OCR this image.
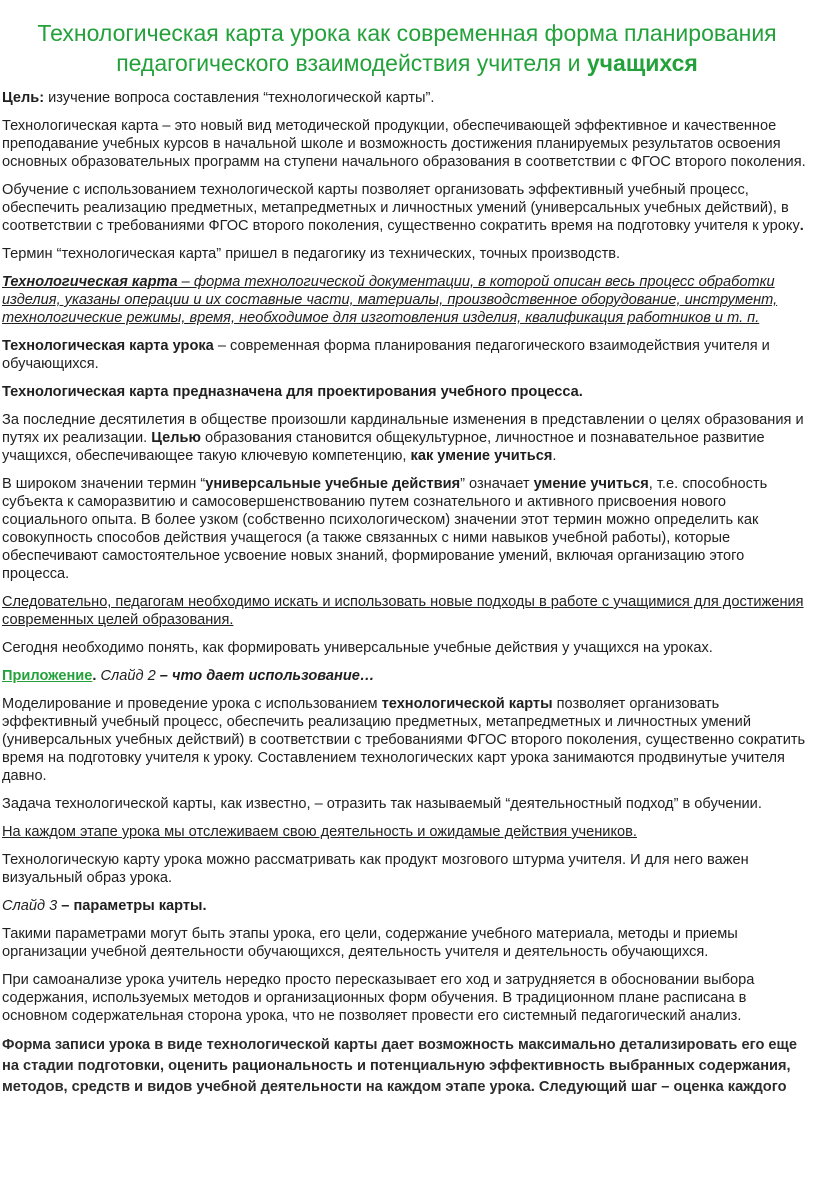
Технологическая карта урока как современная форма планирования педагогического взаимодействия учителя и учащихся

Цель: изучение вопроса составления “технологической карты”.

Технологическая карта – это новый вид методической продукции, обеспечивающей эффективное и качественное преподавание учебных курсов в начальной школе и возможность достижения планируемых результатов освоения основных образовательных программ на ступени начального образования в соответствии с ФГОС второго поколения.

Обучение с использованием технологической карты позволяет организовать эффективный учебный процесс, обеспечить реализацию предметных, метапредметных и личностных умений (универсальных учебных действий), в соответствии с требованиями ФГОС второго поколения, существенно сократить время на подготовку учителя к уроку.

Термин “технологическая карта” пришел в педагогику из технических, точных производств.

Технологическая карта – форма технологической документации, в которой описан весь процесс обработки изделия, указаны операции и их составные части, материалы, производственное оборудование, инструмент, технологические режимы, время, необходимое для изготовления изделия, квалификация работников и т. п.

Технологическая карта урока – современная форма планирования педагогического взаимодействия учителя и обучающихся.

Технологическая карта предназначена для проектирования учебного процесса.

За последние десятилетия в обществе произошли кардинальные изменения в представлении о целях образования и путях их реализации. Целью образования становится общекультурное, личностное и познавательное развитие учащихся, обеспечивающее такую ключевую компетенцию, как умение учиться.

В широком значении термин “универсальные учебные действия” означает умение учиться, т.е. способность субъекта к саморазвитию и самосовершенствованию путем сознательного и активного присвоения нового социального опыта. В более узком (собственно психологическом) значении этот термин можно определить как совокупность способов действия учащегося (а также связанных с ними навыков учебной работы), которые обеспечивают самостоятельное усвоение новых знаний, формирование умений, включая организацию этого процесса.

Следовательно, педагогам необходимо искать и использовать новые подходы в работе с учащимися для достижения современных целей образования.

Сегодня необходимо понять, как формировать универсальные учебные действия у учащихся на уроках.

Приложение. Слайд 2 – что дает использование…

Моделирование и проведение урока с использованием технологической карты позволяет организовать эффективный учебный процесс, обеспечить реализацию предметных, метапредметных и личностных умений (универсальных учебных действий) в соответствии с требованиями ФГОС второго поколения, существенно сократить время на подготовку учителя к уроку. Составлением технологических карт урока занимаются продвинутые учителя давно.

Задача технологической карты, как известно, – отразить так называемый “деятельностный подход” в обучении.

На каждом этапе урока мы отслеживаем свою деятельность и ожидамые действия учеников.

Технологическую карту урока можно рассматривать как продукт мозгового штурма учителя. И для него важен визуальный образ урока.

Слайд 3 – параметры карты.

Такими параметрами могут быть этапы урока, его цели, содержание учебного материала, методы и приемы организации учебной деятельности обучающихся, деятельность учителя и деятельность обучающихся.

При самоанализе урока учитель нередко просто пересказывает его ход и затрудняется в обосновании выбора содержания, используемых методов и организационных форм обучения. В традиционном плане расписана в основном содержательная сторона урока, что не позволяет провести его системный педагогический анализ.

Форма записи урока в виде технологической карты дает возможность максимально детализировать его еще на стадии подготовки, оценить рациональность и потенциальную эффективность выбранных содержания, методов, средств и видов учебной деятельности на каждом этапе урока. Следующий шаг – оценка каждого
